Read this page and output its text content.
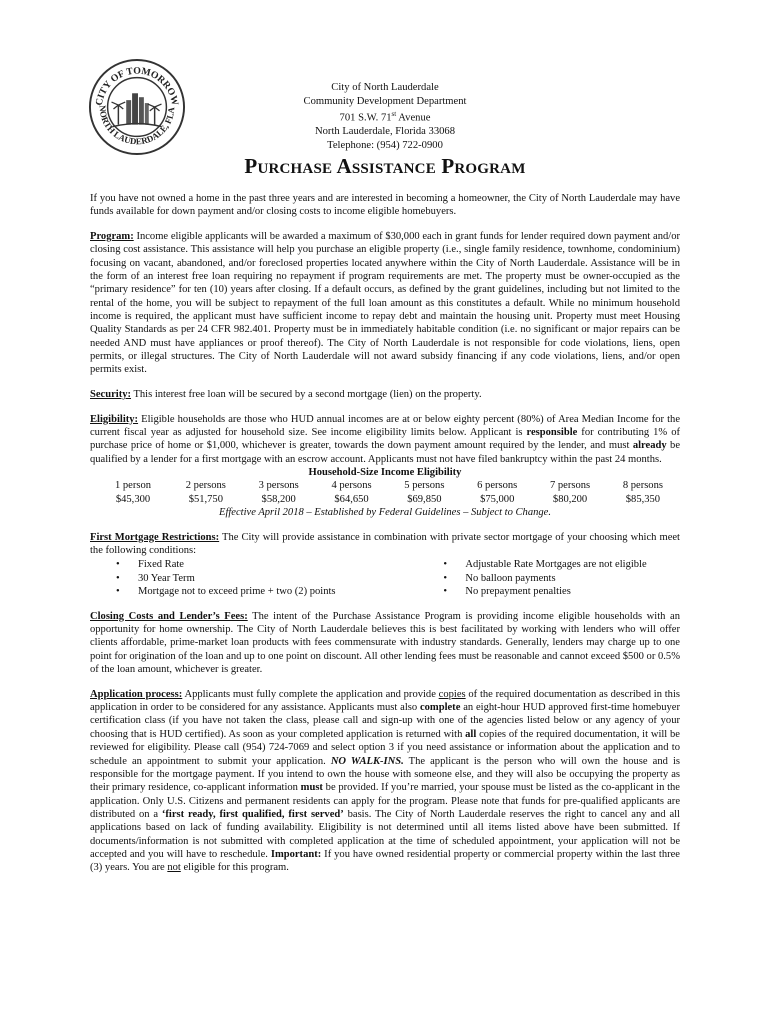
CITY OF TOMORROW
NORTH LAUDERDALE, FLA
City of North Lauderdale
Community Development Department
701 S.W. 71st Avenue
North Lauderdale, Florida 33068
Telephone: (954) 722-0900
Purchase Assistance Program

If you have not owned a home in the past three years and are interested in becoming a homeowner, the City of North Lauderdale may have funds available for down payment and/or closing costs to income eligible homebuyers.

Program: Income eligible applicants will be awarded a maximum of $30,000 each in grant funds for lender required down payment and/or closing cost assistance. This assistance will help you purchase an eligible property (i.e., single family residence, townhome, condominium) focusing on vacant, abandoned, and/or foreclosed properties located anywhere within the City of North Lauderdale. Assistance will be in the form of an interest free loan requiring no repayment if program requirements are met. The property must be owner-occupied as the “primary residence” for ten (10) years after closing. If a default occurs, as defined by the grant guidelines, including but not limited to the rental of the home, you will be subject to repayment of the full loan amount as this constitutes a default. While no minimum household income is required, the applicant must have sufficient income to repay debt and maintain the housing unit. Property must meet Housing Quality Standards as per 24 CFR 982.401. Property must be in immediately habitable condition (i.e. no significant or major repairs can be needed AND must have appliances or proof thereof). The City of North Lauderdale is not responsible for code violations, liens, open permits, or illegal structures. The City of North Lauderdale will not award subsidy financing if any code violations, liens, and/or open permits exist.

Security: This interest free loan will be secured by a second mortgage (lien) on the property.

Eligibility: Eligible households are those who HUD annual incomes are at or below eighty percent (80%) of Area Median Income for the current fiscal year as adjusted for household size. See income eligibility limits below. Applicant is responsible for contributing 1% of purchase price of home or $1,000, whichever is greater, towards the down payment amount required by the lender, and must already be qualified by a lender for a first mortgage with an escrow account. Applicants must not have filed bankruptcy within the past 24 months.

Household-Size Income Eligibility
1 person	2 persons	3 persons	4 persons	5 persons	6 persons	7 persons	8 persons
$45,300	$51,750	$58,200	$64,650	$69,850	$75,000	$80,200	$85,350
Effective April 2018 – Established by Federal Guidelines – Subject to Change.

First Mortgage Restrictions: The City will provide assistance in combination with private sector mortgage of your choosing which meet the following conditions:

•	Fixed Rate
•	30 Year Term
•	Mortgage not to exceed prime + two (2) points
•	Adjustable Rate Mortgages are not eligible
•	No balloon payments
•	No prepayment penalties

Closing Costs and Lender’s Fees: The intent of the Purchase Assistance Program is providing income eligible households with an opportunity for home ownership. The City of North Lauderdale believes this is best facilitated by working with lenders who will offer clients affordable, prime-market loan products with fees commensurate with industry standards. Generally, lenders may charge up to one point for origination of the loan and up to one point on discount. All other lending fees must be reasonable and cannot exceed $500 or 0.5% of the loan amount, whichever is greater.

Application process: Applicants must fully complete the application and provide copies of the required documentation as described in this application in order to be considered for any assistance. Applicants must also complete an eight-hour HUD approved first-time homebuyer certification class (if you have not taken the class, please call and sign-up with one of the agencies listed below or any agency of your choosing that is HUD certified). As soon as your completed application is returned with all copies of the required documentation, it will be reviewed for eligibility. Please call (954) 724-7069 and select option 3 if you need assistance or information about the application and to schedule an appointment to submit your application. NO WALK-INS. The applicant is the person who will own the house and is responsible for the mortgage payment. If you intend to own the house with someone else, and they will also be occupying the property as their primary residence, co-applicant information must be provided. If you’re married, your spouse must be listed as the co-applicant in the application. Only U.S. Citizens and permanent residents can apply for the program. Please note that funds for pre-qualified applicants are distributed on a ‘first ready, first qualified, first served’ basis. The City of North Lauderdale reserves the right to cancel any and all applications based on lack of funding availability. Eligibility is not determined until all items listed above have been submitted. If documents/information is not submitted with completed application at the time of scheduled appointment, your application will not be accepted and you will have to reschedule. Important: If you have owned residential property or commercial property within the last three (3) years. You are not eligible for this program.
